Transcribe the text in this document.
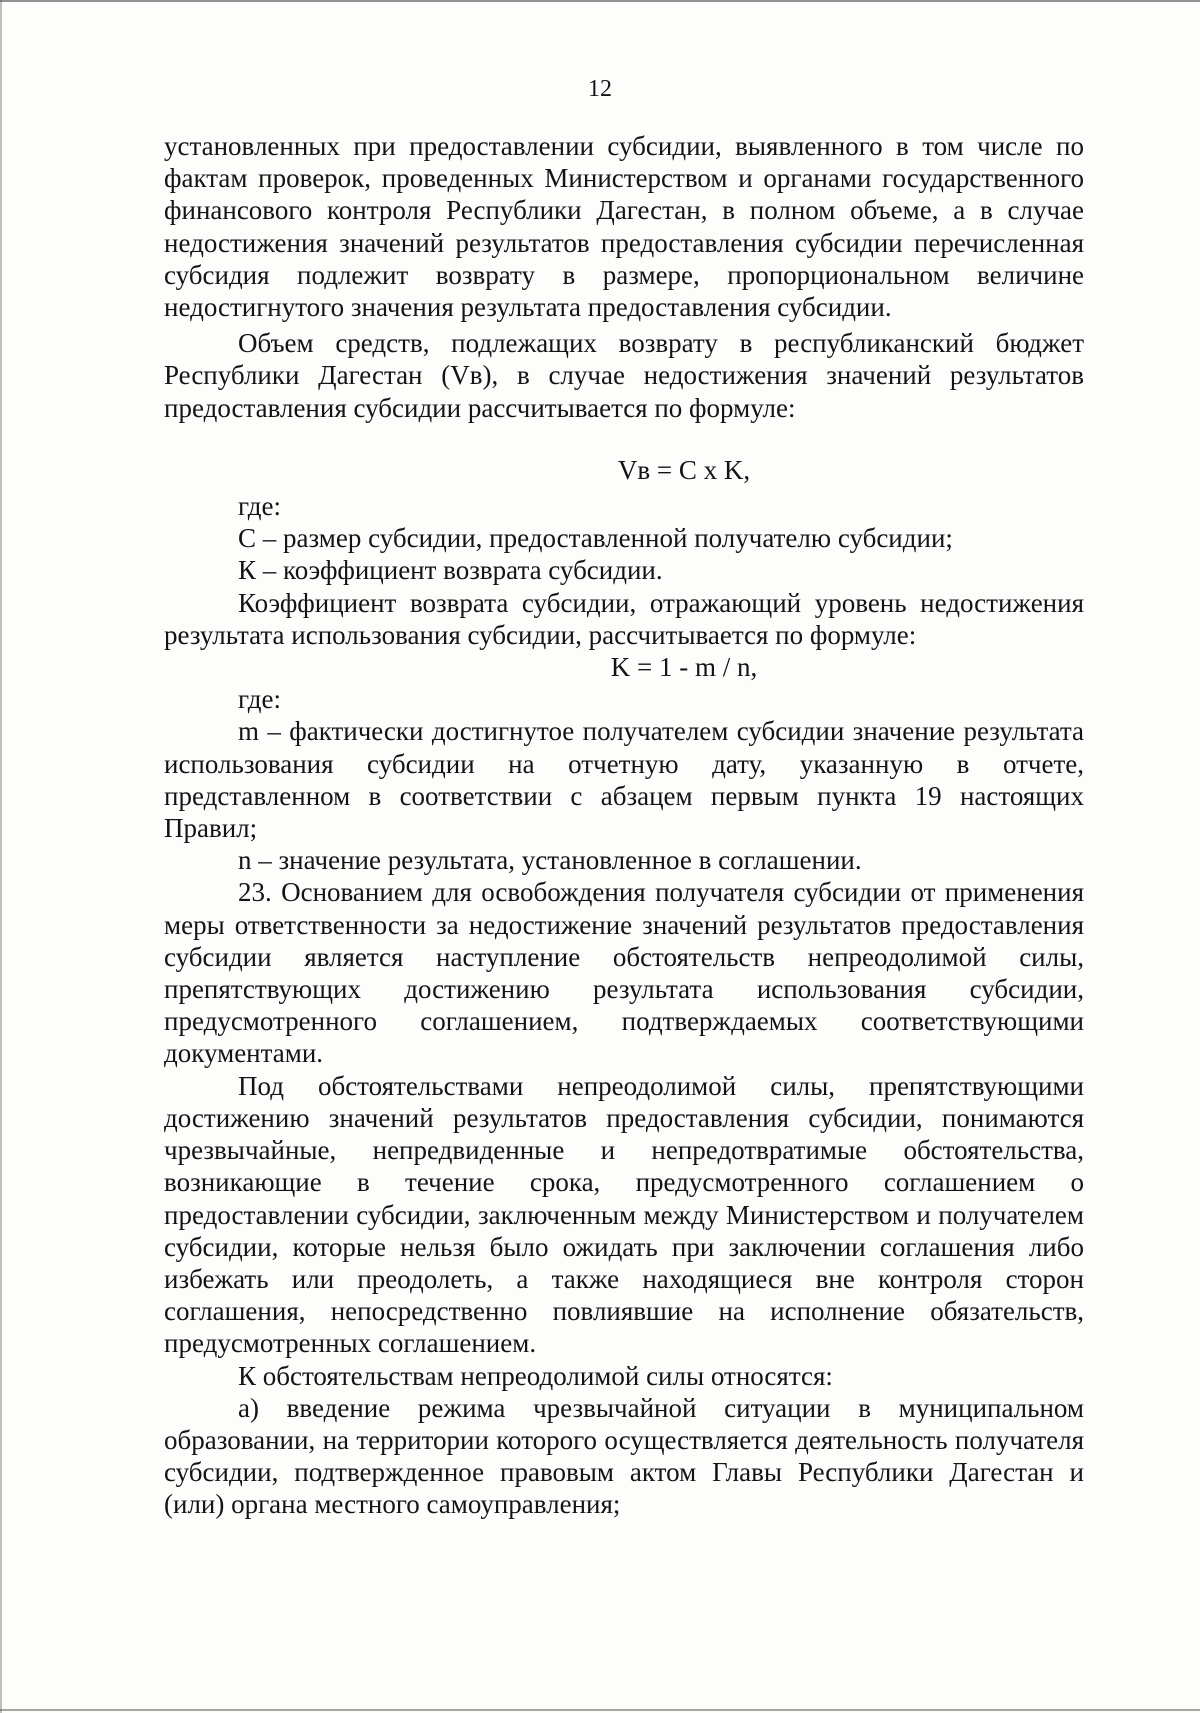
12

установленных при предоставлении субсидии, выявленного в том числе по фактам проверок, проведенных Министерством и органами государственного финансового контроля Республики Дагестан, в полном объеме, а в случае недостижения значений результатов предоставления субсидии перечисленная субсидия подлежит возврату в размере, пропорциональном величине недостигнутого значения результата предоставления субсидии.

Объем средств, подлежащих возврату в республиканский бюджет Республики Дагестан (Vв), в случае недостижения значений результатов предоставления субсидии рассчитывается по формуле:

Vв = C x K,

где:

С – размер субсидии, предоставленной получателю субсидии;

К – коэффициент возврата субсидии.

Коэффициент возврата субсидии, отражающий уровень недостижения результата использования субсидии, рассчитывается по формуле:

K = 1 - m / n,

где:

m – фактически достигнутое получателем субсидии значение результата использования субсидии на отчетную дату, указанную в отчете, представленном в соответствии с абзацем первым пункта 19 настоящих Правил;

n – значение результата, установленное в соглашении.

23. Основанием для освобождения получателя субсидии от применения меры ответственности за недостижение значений результатов предоставления субсидии является наступление обстоятельств непреодолимой силы, препятствующих достижению результата использования субсидии, предусмотренного соглашением, подтверждаемых соответствующими документами.

Под обстоятельствами непреодолимой силы, препятствующими достижению значений результатов предоставления субсидии, понимаются чрезвычайные, непредвиденные и непредотвратимые обстоятельства, возникающие в течение срока, предусмотренного соглашением о предоставлении субсидии, заключенным между Министерством и получателем субсидии, которые нельзя было ожидать при заключении соглашения либо избежать или преодолеть, а также находящиеся вне контроля сторон соглашения, непосредственно повлиявшие на исполнение обязательств, предусмотренных соглашением.

К обстоятельствам непреодолимой силы относятся:

а) введение режима чрезвычайной ситуации в муниципальном образовании, на территории которого осуществляется деятельность получателя субсидии, подтвержденное правовым актом Главы Республики Дагестан и (или) органа местного самоуправления;
